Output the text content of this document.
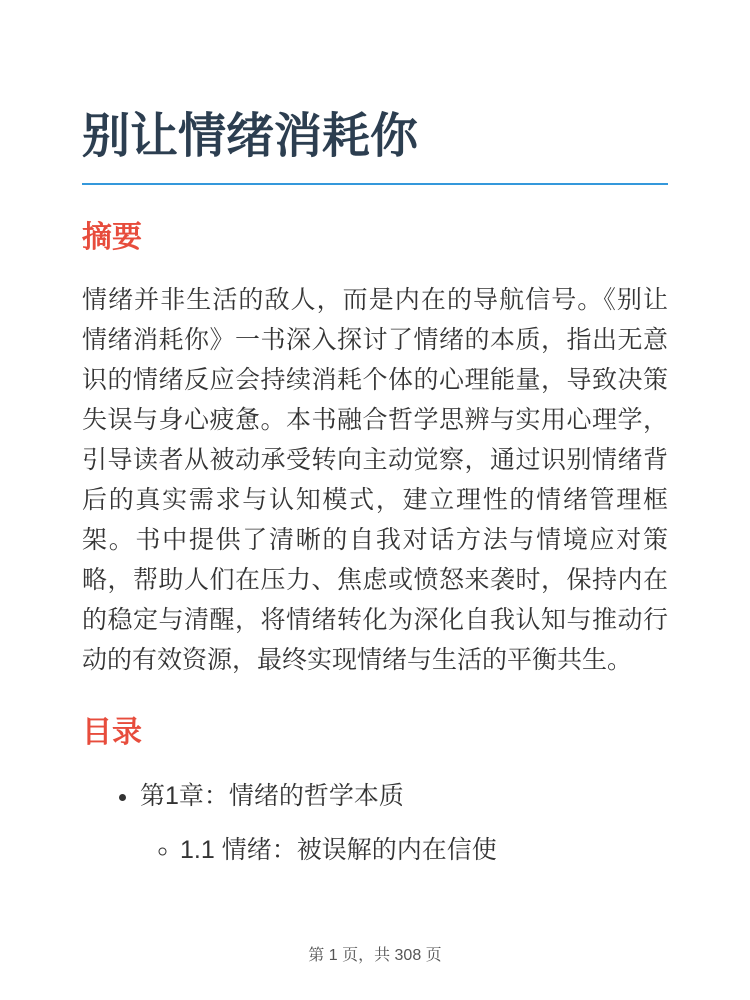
别让情绪消耗你
摘要

情绪并非生活的敌人，而是内在的导航信号。《别让情绪消耗你》一书深入探讨了情绪的本质，指出无意识的情绪反应会持续消耗个体的心理能量，导致决策失误与身心疲惫。本书融合哲学思辨与实用心理学，引导读者从被动承受转向主动觉察，通过识别情绪背后的真实需求与认知模式，建立理性的情绪管理框架。书中提供了清晰的自我对话方法与情境应对策略，帮助人们在压力、焦虑或愤怒来袭时，保持内在的稳定与清醒，将情绪转化为深化自我认知与推动行动的有效资源，最终实现情绪与生活的平衡共生。

目录
• 第1章：情绪的哲学本质
◦ 1.1 情绪：被误解的内在信使
第 1 页，共 308 页
